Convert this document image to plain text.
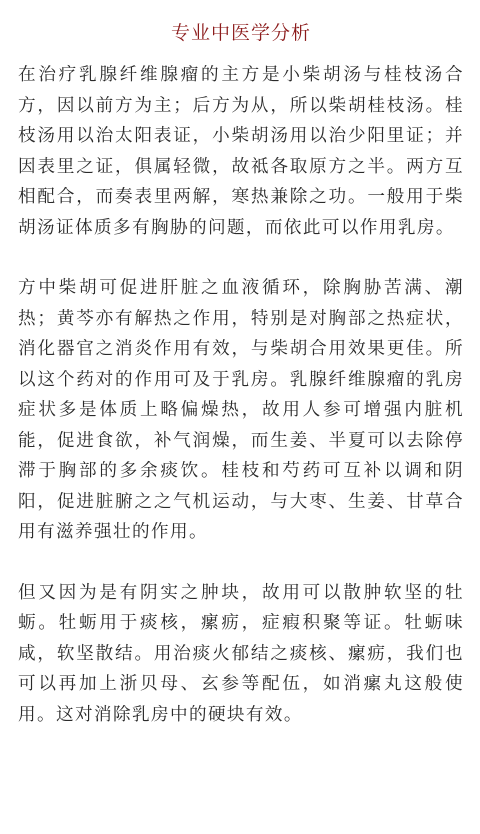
专业中医学分析

在治疗乳腺纤维腺瘤的主方是小柴胡汤与桂枝汤合方，因以前方为主；后方为从，所以柴胡桂枝汤。桂枝汤用以治太阳表证，小柴胡汤用以治少阳里证；并因表里之证，俱属轻微，故祗各取原方之半。两方互相配合，而奏表里两解，寒热兼除之功。一般用于柴胡汤证体质多有胸胁的问题，而依此可以作用乳房。

方中柴胡可促进肝脏之血液循环，除胸胁苦满、潮热；黄芩亦有解热之作用，特别是对胸部之热症状，消化器官之消炎作用有效，与柴胡合用效果更佳。所以这个药对的作用可及于乳房。乳腺纤维腺瘤的乳房症状多是体质上略偏燥热，故用人参可增强内脏机能，促进食欲，补气润燥，而生姜、半夏可以去除停滞于胸部的多余痰饮。桂枝和芍药可互补以调和阴阳，促进脏腑之之气机运动，与大枣、生姜、甘草合用有滋养强壮的作用。

但又因为是有阴实之肿块，故用可以散肿软坚的牡蛎。牡蛎用于痰核，瘰疬，症瘕积聚等证。牡蛎味咸，软坚散结。用治痰火郁结之痰核、瘰疬，我们也可以再加上浙贝母、玄参等配伍，如消瘰丸这般使用。这对消除乳房中的硬块有效。
